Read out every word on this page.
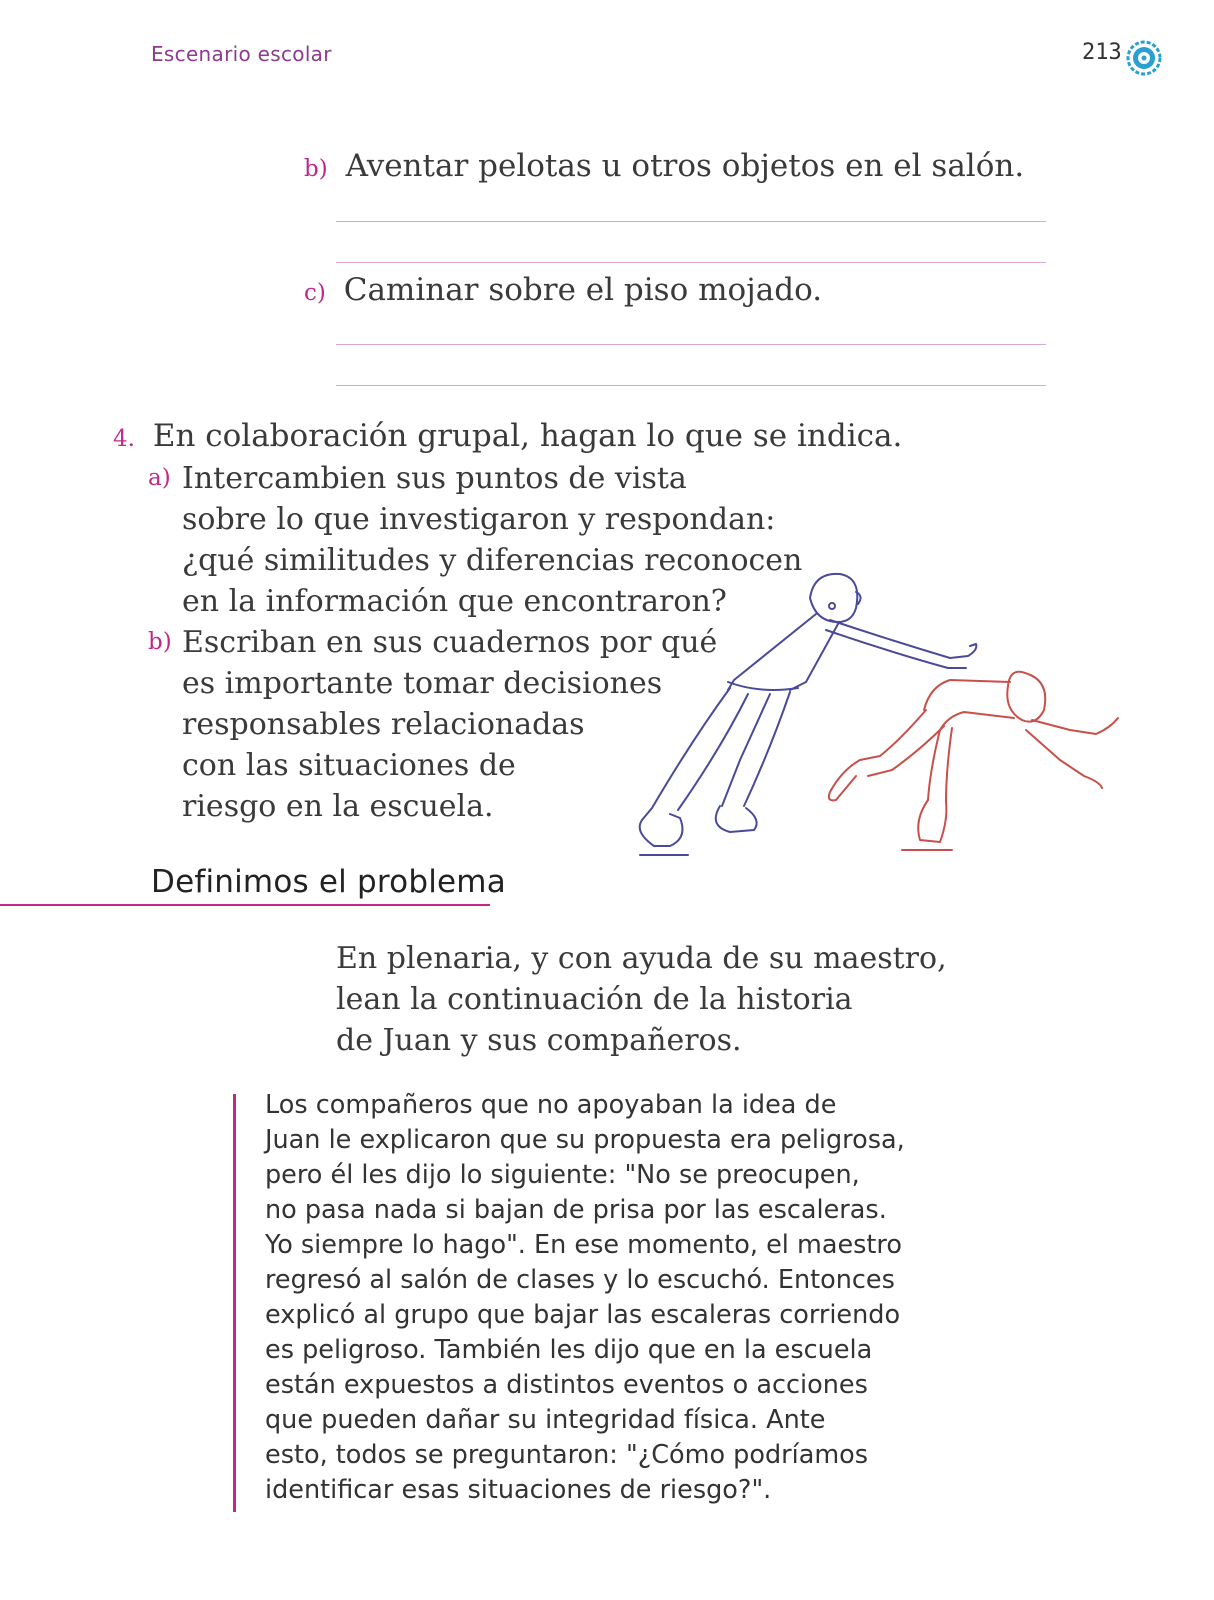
Escenario escolar	213
b) Aventar pelotas u otros objetos en el salón.
c) Caminar sobre el piso mojado.
4. En colaboración grupal, hagan lo que se indica.
a) Intercambien sus puntos de vista
sobre lo que investigaron y respondan:
¿qué similitudes y diferencias reconocen
en la información que encontraron?
b) Escriban en sus cuadernos por qué
es importante tomar decisiones
responsables relacionadas
con las situaciones de
riesgo en la escuela.
Definimos el problema
En plenaria, y con ayuda de su maestro,
lean la continuación de la historia
de Juan y sus compañeros.
Los compañeros que no apoyaban la idea de
Juan le explicaron que su propuesta era peligrosa,
pero él les dijo lo siguiente: "No se preocupen,
no pasa nada si bajan de prisa por las escaleras.
Yo siempre lo hago". En ese momento, el maestro
regresó al salón de clases y lo escuchó. Entonces
explicó al grupo que bajar las escaleras corriendo
es peligroso. También les dijo que en la escuela
están expuestos a distintos eventos o acciones
que pueden dañar su integridad física. Ante
esto, todos se preguntaron: "¿Cómo podríamos
identificar esas situaciones de riesgo?".
